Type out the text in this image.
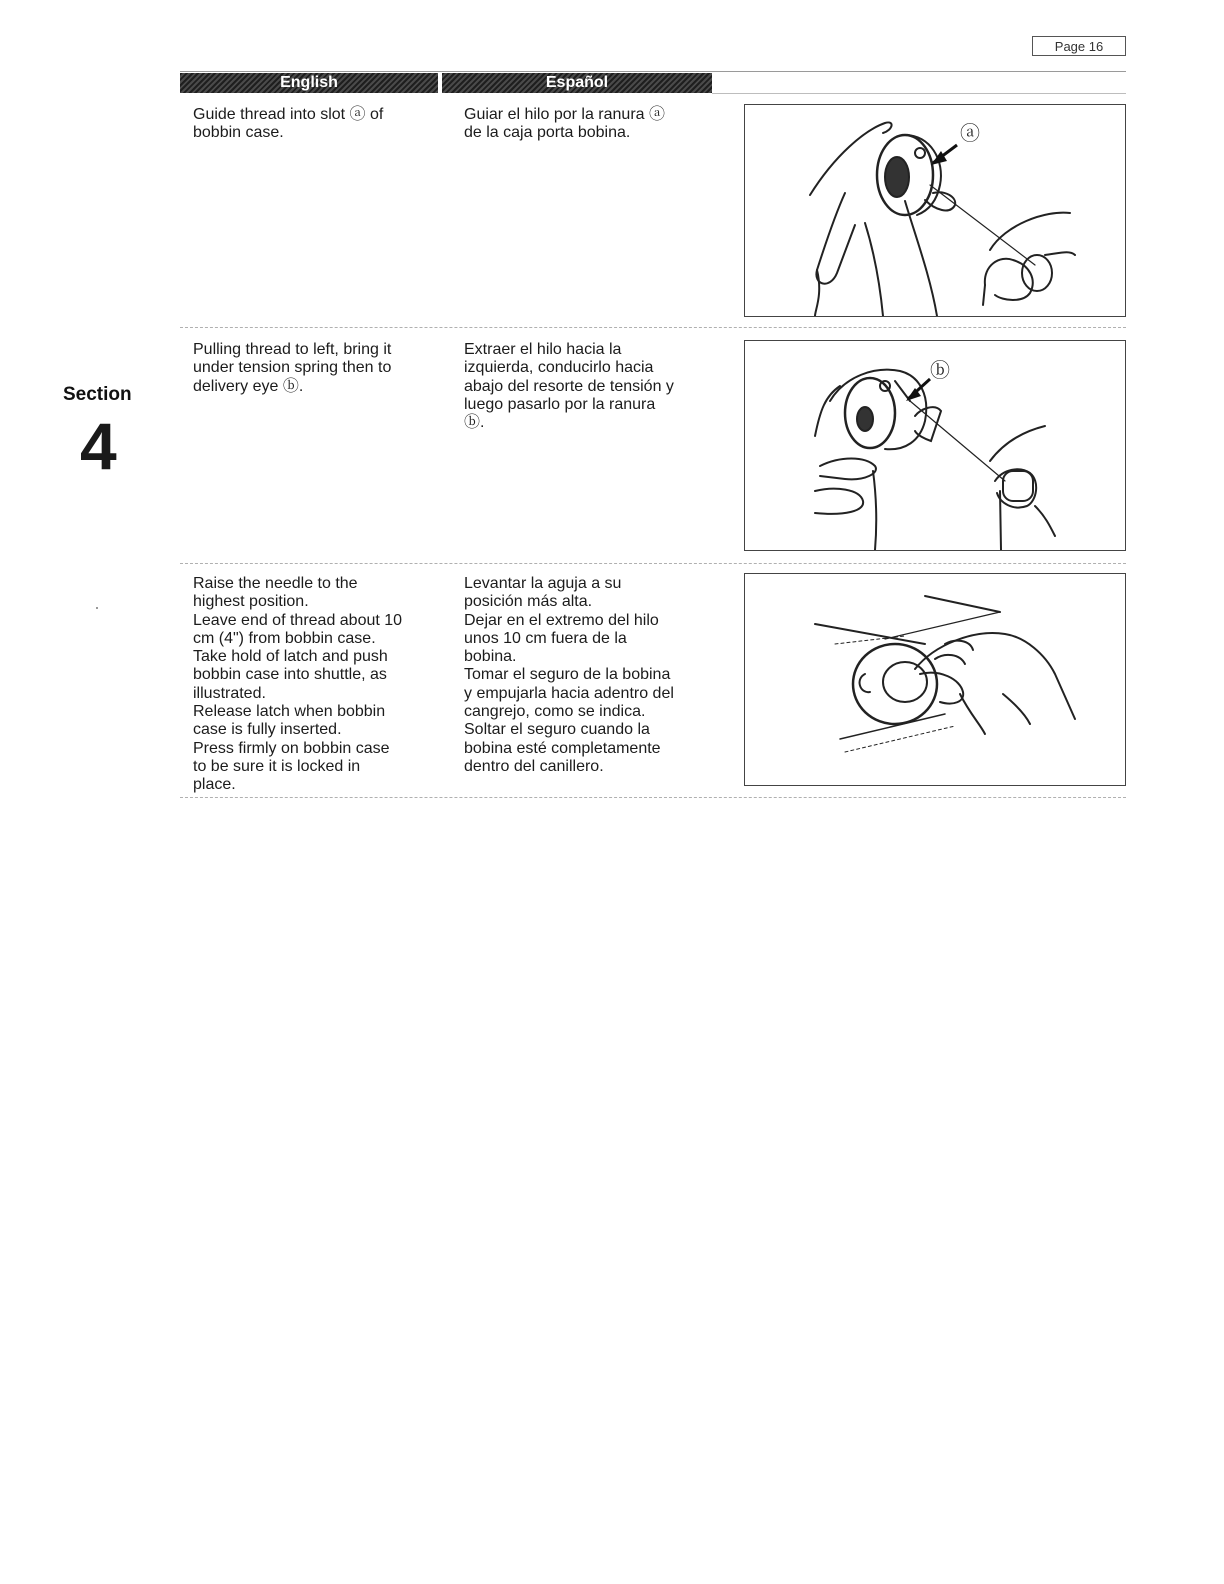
Page 16
English	Español
Section
4
Guide thread into slot ⓐ of
bobbin case.
Guiar el hilo por la ranura ⓐ
de la caja porta bobina.	ⓐ
Pulling thread to left, bring it
under tension spring then to
delivery eye ⓑ.
Extraer el hilo hacia la
izquierda, conducirlo hacia
abajo del resorte de tensión y
luego pasarlo por la ranura
ⓑ.
ⓑ
Raise the needle to the
highest position.
Leave end of thread about 10
cm (4") from bobbin case.
Take hold of latch and push
bobbin case into shuttle, as
illustrated.
Release latch when bobbin
case is fully inserted.
Press firmly on bobbin case
to be sure it is locked in
place.
Levantar la aguja a su
posición más alta.
Dejar en el extremo del hilo
unos 10 cm fuera de la
bobina.
Tomar el seguro de la bobina
y empujarla hacia adentro del
cangrejo, como se indica.
Soltar el seguro cuando la
bobina esté completamente
dentro del canillero.
